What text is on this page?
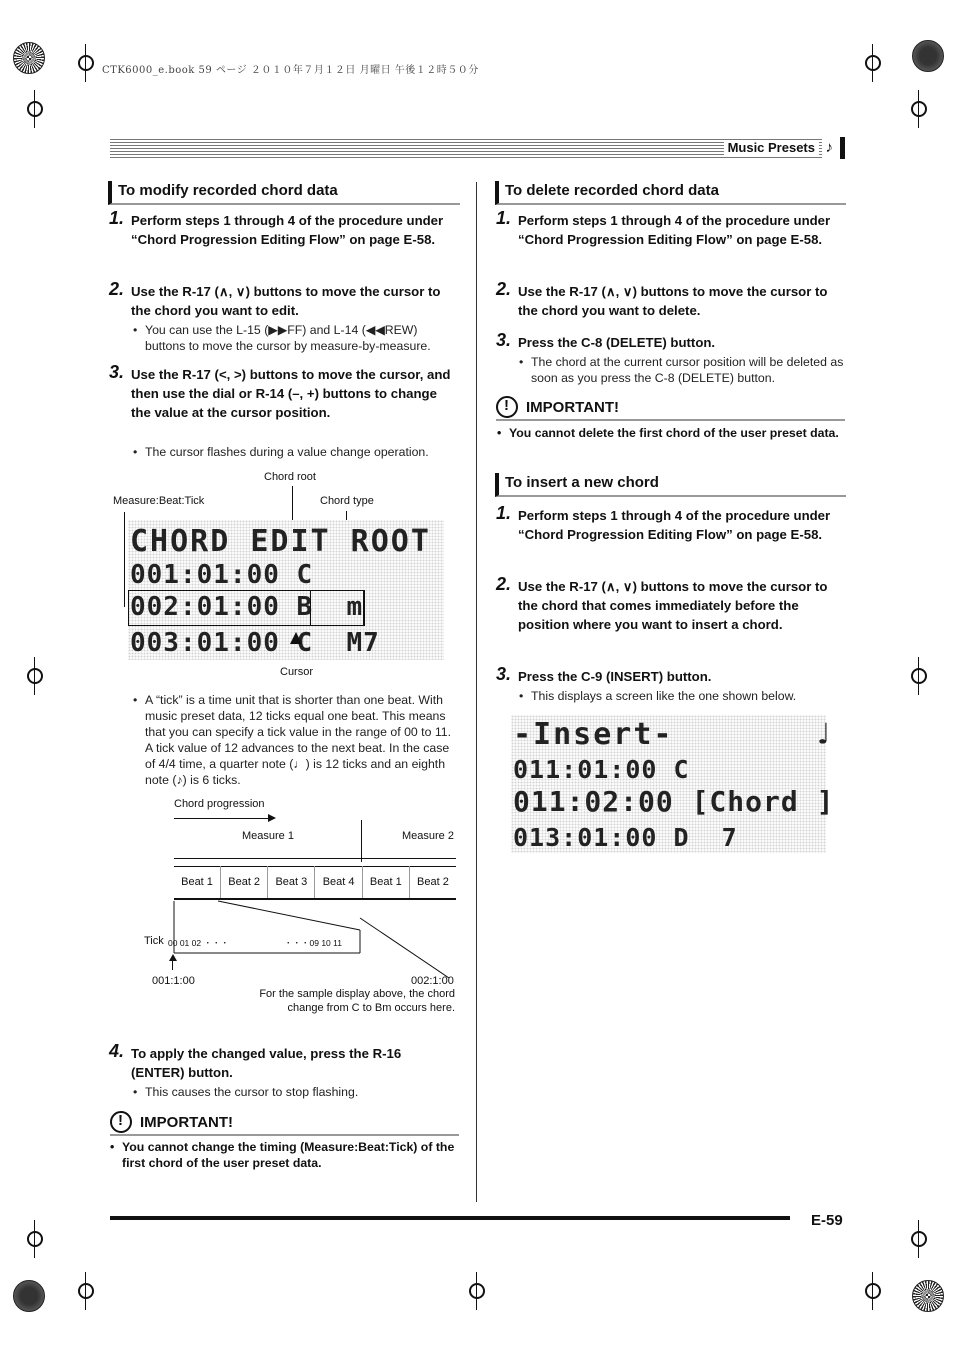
CTK6000_e.book 59 ページ ２０１０年７月１２日 月曜日 午後１２時５０分
Music Presets ♪
To modify recorded chord data
1. Perform steps 1 through 4 of the procedure under “Chord Progression Editing Flow” on page E-58.
2. Use the R-17 (∧, ∨) buttons to move the cursor to the chord you want to edit.
• You can use the L-15 (▶▶FF) and L-14 (◀◀REW) buttons to move the cursor by measure-by-measure.
3. Use the R-17 (<, >) buttons to move the cursor, and then use the dial or R-14 (–, +) buttons to change the value at the cursor position.
• The cursor flashes during a value change operation.
Chord root
Measure:Beat:Tick	Chord type
CHORD EDIT ROOT
001:01:00 C
002:01:00 B  m
003:01:00 C  M7
Cursor
• A “tick” is a time unit that is shorter than one beat. With music preset data, 12 ticks equal one beat. This means that you can specify a tick value in the range of 00 to 11. A tick value of 12 advances to the next beat. In the case of 4/4 time, a quarter note (♩) is 12 ticks and an eighth note (♪) is 6 ticks.
Chord progression
Measure 1	Measure 2
Beat 1	Beat 2	Beat 3	Beat 4	Beat 1	Beat 2
Tick 00 01 02 ・・・	・・・09 10 11
001:1:00	002:1:00
For the sample display above, the chord change from C to Bm occurs here.
4. To apply the changed value, press the R-16 (ENTER) button.
• This causes the cursor to stop flashing.
!
IMPORTANT!
• You cannot change the timing (Measure:Beat:Tick) of the first chord of the user preset data.
To delete recorded chord data
1. Perform steps 1 through 4 of the procedure under “Chord Progression Editing Flow” on page E-58.
2. Use the R-17 (∧, ∨) buttons to move the cursor to the chord you want to delete.
3. Press the C-8 (DELETE) button.
• The chord at the current cursor position will be deleted as soon as you press the C-8 (DELETE) button.
!
IMPORTANT!
• You cannot delete the first chord of the user preset data.
To insert a new chord
1. Perform steps 1 through 4 of the procedure under “Chord Progression Editing Flow” on page E-58.
2. Use the R-17 (∧, ∨) buttons to move the cursor to the chord that comes immediately before the position where you want to insert a chord.
3. Press the C-9 (INSERT) button.
• This displays a screen like the one shown below.
-Insert-       ♩
011:01:00 C
011:02:00 [Chord ]
013:01:00 D  7
E-59
